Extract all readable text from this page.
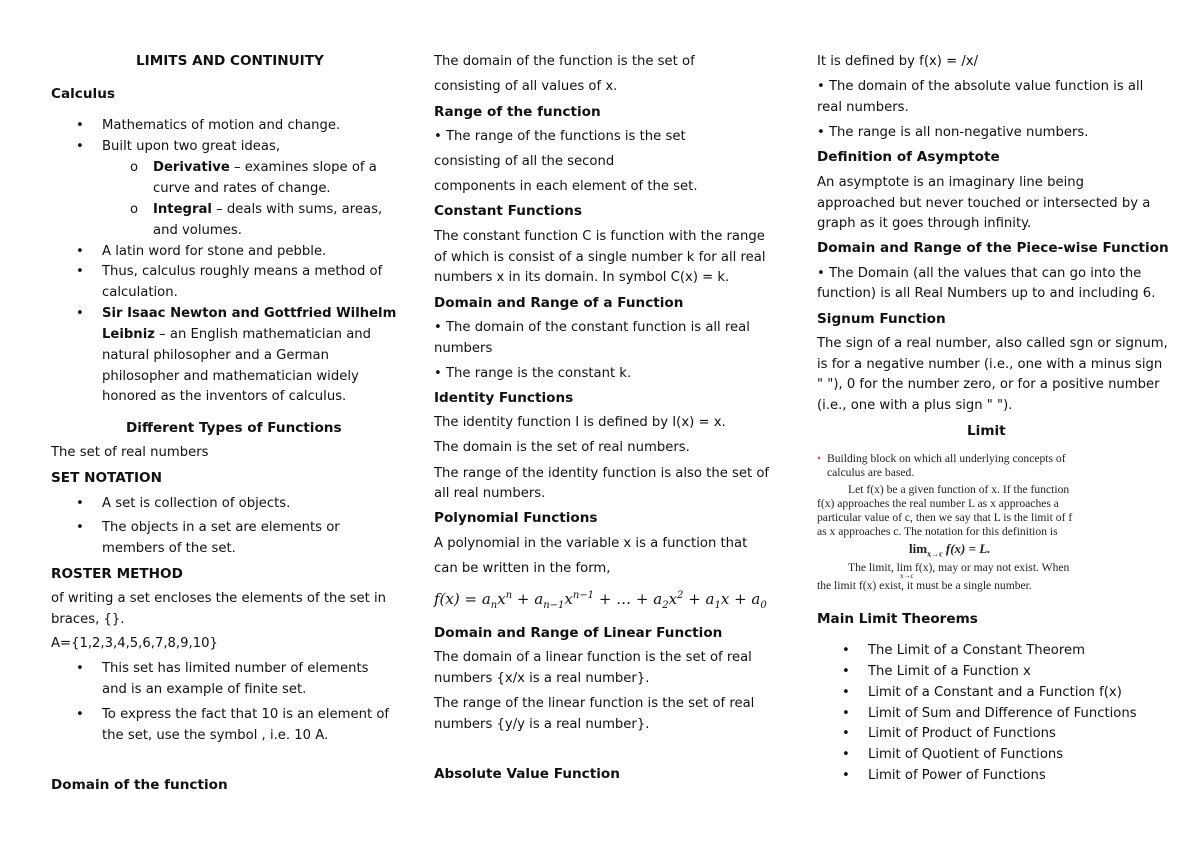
LIMITS AND CONTINUITY
Calculus
• Mathematics of motion and change.
• Built upon two great ideas,
o Derivative – examines slope of a
curve and rates of change.
o Integral – deals with sums, areas,
and volumes.
• A latin word for stone and pebble.
• Thus, calculus roughly means a method of
calculation.
• Sir Isaac Newton and Gottfried Wilhelm
Leibniz – an English mathematician and
natural philosopher and a German
philosopher and mathematician widely
honored as the inventors of calculus.
Different Types of Functions
The set of real numbers
SET NOTATION
• A set is collection of objects.
• The objects in a set are elements or
members of the set.
ROSTER METHOD
of writing a set encloses the elements of the set in
braces, {}.
A={1,2,3,4,5,6,7,8,9,10}
• This set has limited number of elements
and is an example of finite set.
• To express the fact that 10 is an element of
the set, use the symbol , i.e. 10 A.
Domain of the function
The domain of the function is the set of
consisting of all values of x.
Range of the function
• The range of the functions is the set
consisting of all the second
components in each element of the set.
Constant Functions
The constant function C is function with the range
of which is consist of a single number k for all real
numbers x in its domain. In symbol C(x) = k.
Domain and Range of a Function
• The domain of the constant function is all real
numbers
• The range is the constant k.
Identity Functions
The identity function I is defined by I(x) = x.
The domain is the set of real numbers.
The range of the identity function is also the set of
all real numbers.
Polynomial Functions
A polynomial in the variable x is a function that
can be written in the form,
$f(x) = a_nx^n + a_{n-1}x^{n-1}$ + … + $a_2x^2 + a_1x + a_0$
Domain and Range of Linear Function
The domain of a linear function is the set of real
numbers {x/x is a real number}.
The range of the linear function is the set of real
numbers {y/y is a real number}.
Absolute Value Function
It is defined by f(x) = /x/
• The domain of the absolute value function is all
real numbers.
• The range is all non-negative numbers.
Definition of Asymptote
An asymptote is an imaginary line being
approached but never touched or intersected by a
graph as it goes through infinity.
Domain and Range of the Piece-wise Function
• The Domain (all the values that can go into the
function) is all Real Numbers up to and including 6.
Signum Function
The sign of a real number, also called sgn or signum,
is for a negative number (i.e., one with a minus sign
" "), 0 for the number zero, or for a positive number
(i.e., one with a plus sign " ").
Limit
• Building block on which all underlying concepts of
calculus are based.
Let f(x) be a given function of x. If the function
f(x) approaches the real number L as x approaches a
particular value of c, then we say that L is the limit of f
as x approaches c. The notation for this definition is
$\lim_{x\to c} f(x) = L$.
The limit, lim f(x), may or may not exist. When
x→c
the limit f(x) exist, it must be a single number.
Main Limit Theorems
• The Limit of a Constant Theorem
• The Limit of a Function x
• Limit of a Constant and a Function f(x)
• Limit of Sum and Difference of Functions
• Limit of Product of Functions
• Limit of Quotient of Functions
• Limit of Power of Functions
